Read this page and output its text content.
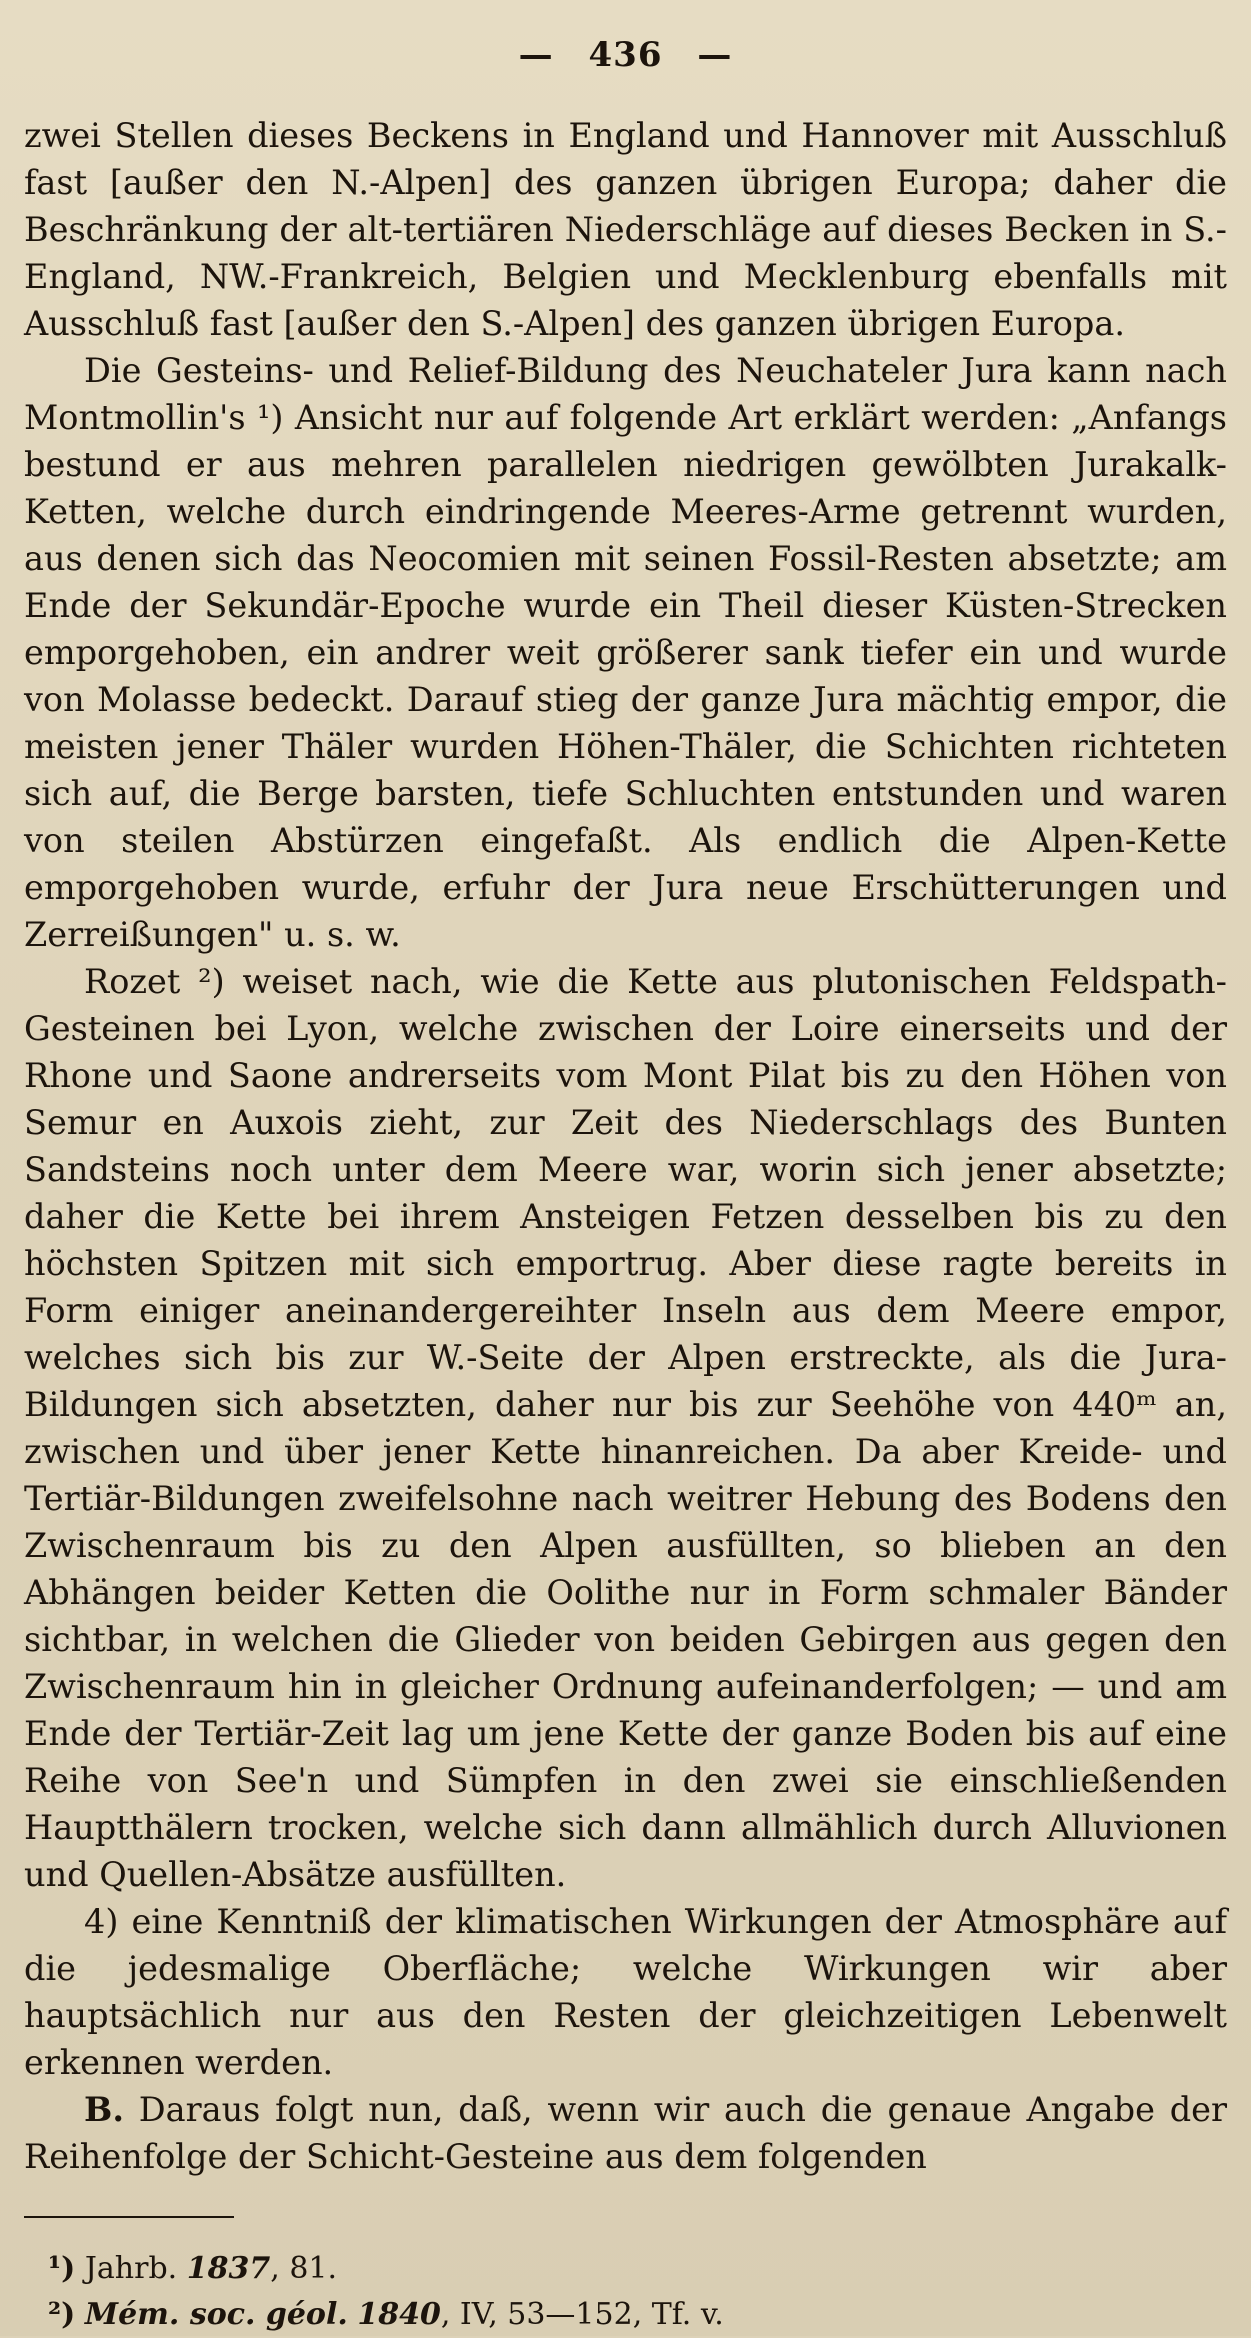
— 436 —

zwei Stellen dieses Beckens in England und Hannover mit Ausschluß fast [außer den N.-Alpen] des ganzen übrigen Europa; daher die Beschränkung der alt-tertiären Niederschläge auf dieses Becken in S.-England, NW.-Frankreich, Belgien und Mecklenburg ebenfalls mit Ausschluß fast [außer den S.-Alpen] des ganzen übrigen Europa.

Die Gesteins- und Relief-Bildung des Neuchateler Jura kann nach Montmollin's ¹) Ansicht nur auf folgende Art erklärt werden: „Anfangs bestund er aus mehren parallelen niedrigen gewölbten Jurakalk-Ketten, welche durch eindringende Meeres-Arme getrennt wurden, aus denen sich das Neocomien mit seinen Fossil-Resten absetzte; am Ende der Sekundär-Epoche wurde ein Theil dieser Küsten-Strecken emporgehoben, ein andrer weit größerer sank tiefer ein und wurde von Molasse bedeckt. Darauf stieg der ganze Jura mächtig empor, die meisten jener Thäler wurden Höhen-Thäler, die Schichten richteten sich auf, die Berge barsten, tiefe Schluchten entstunden und waren von steilen Abstürzen eingefaßt. Als endlich die Alpen-Kette emporgehoben wurde, erfuhr der Jura neue Erschütterungen und Zerreißungen" u. s. w.

Rozet ²) weiset nach, wie die Kette aus plutonischen Feldspath-Gesteinen bei Lyon, welche zwischen der Loire einerseits und der Rhone und Saone andrerseits vom Mont Pilat bis zu den Höhen von Semur en Auxois zieht, zur Zeit des Niederschlags des Bunten Sandsteins noch unter dem Meere war, worin sich jener absetzte; daher die Kette bei ihrem Ansteigen Fetzen desselben bis zu den höchsten Spitzen mit sich emportrug. Aber diese ragte bereits in Form einiger aneinandergereihter Inseln aus dem Meere empor, welches sich bis zur W.-Seite der Alpen erstreckte, als die Jura-Bildungen sich absetzten, daher nur bis zur Seehöhe von 440ᵐ an, zwischen und über jener Kette hinanreichen. Da aber Kreide- und Tertiär-Bildungen zweifelsohne nach weitrer Hebung des Bodens den Zwischenraum bis zu den Alpen ausfüllten, so blieben an den Abhängen beider Ketten die Oolithe nur in Form schmaler Bänder sichtbar, in welchen die Glieder von beiden Gebirgen aus gegen den Zwischenraum hin in gleicher Ordnung aufeinanderfolgen; — und am Ende der Tertiär-Zeit lag um jene Kette der ganze Boden bis auf eine Reihe von See'n und Sümpfen in den zwei sie einschließenden Hauptthälern trocken, welche sich dann allmählich durch Alluvionen und Quellen-Absätze ausfüllten.

4) eine Kenntniß der klimatischen Wirkungen der Atmosphäre auf die jedesmalige Oberfläche; welche Wirkungen wir aber hauptsächlich nur aus den Resten der gleichzeitigen Lebenwelt erkennen werden.

B. Daraus folgt nun, daß, wenn wir auch die genaue Angabe der Reihenfolge der Schicht-Gesteine aus dem folgenden

¹) Jahrb. 1837, 81.

²) Mém. soc. géol. 1840, IV, 53—152, Tf. v.
